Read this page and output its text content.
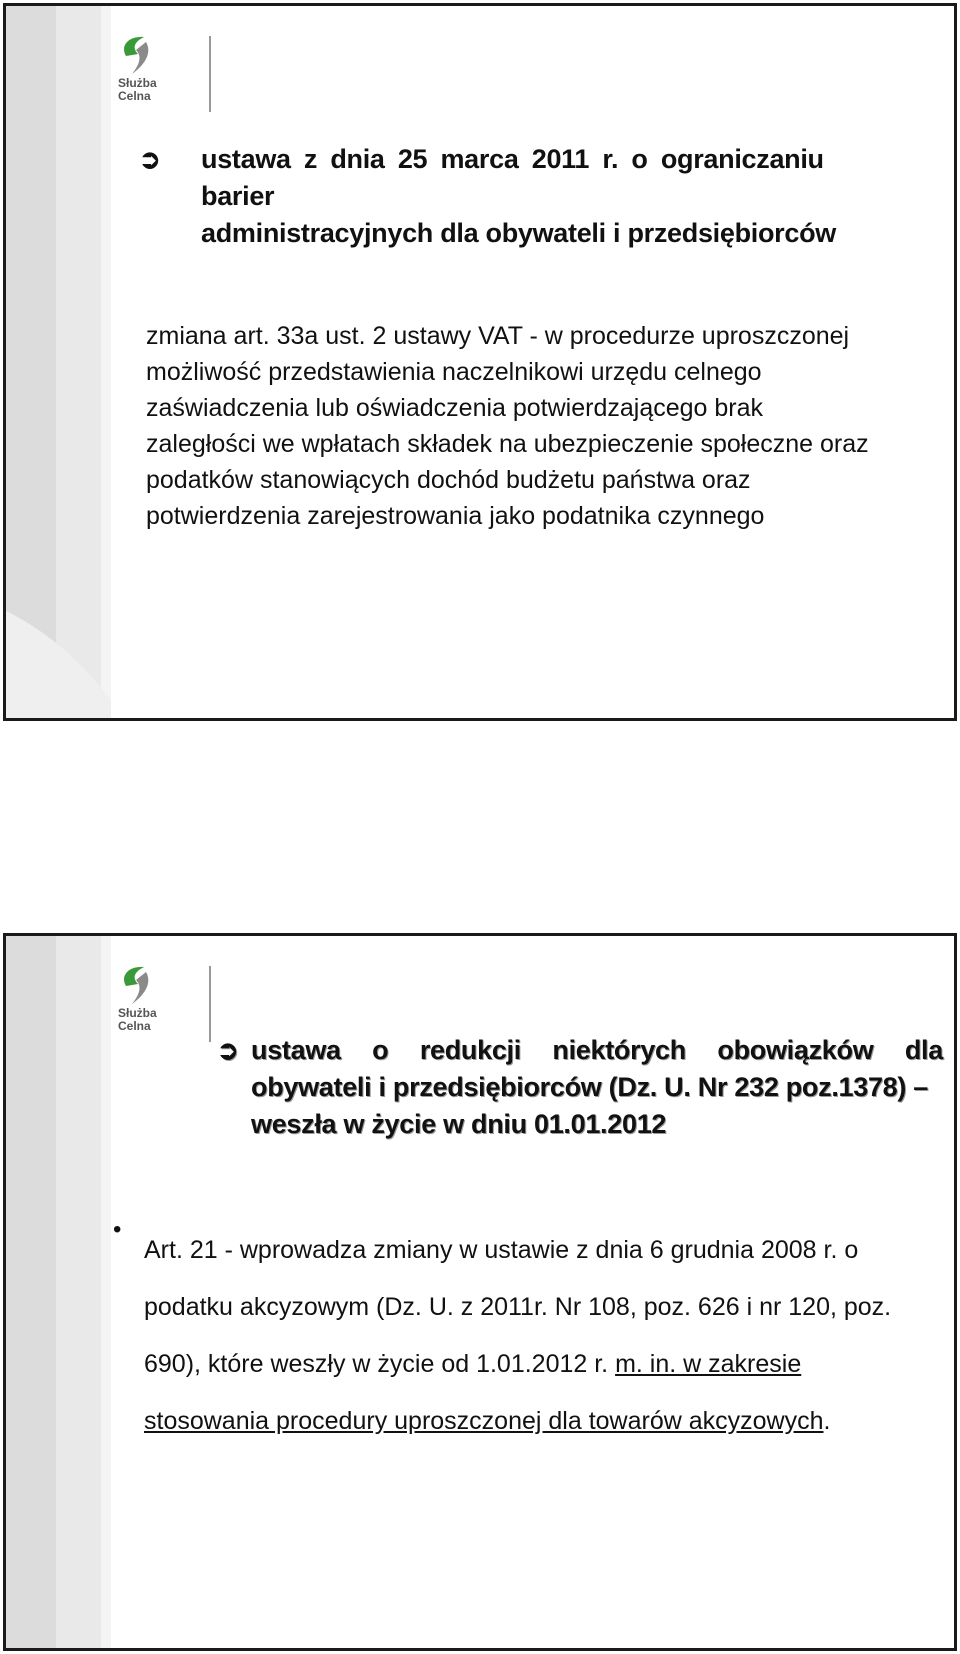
Służba
Celna
➲ ustawa z dnia 25 marca 2011 r. o ograniczaniu barier
administracyjnych dla obywateli i przedsiębiorców
zmiana art. 33a ust. 2 ustawy VAT - w procedurze uproszczonej
możliwość przedstawienia naczelnikowi urzędu celnego
zaświadczenia lub oświadczenia potwierdzającego brak
zaległości we wpłatach składek na ubezpieczenie społeczne oraz
podatków stanowiących dochód budżetu państwa oraz
potwierdzenia zarejestrowania jako podatnika czynnego
Służba
Celna
➲ ustawa o redukcji niektórych obowiązków dla
obywateli i przedsiębiorców (Dz. U. Nr 232 poz.1378) –
weszła w życie w dniu 01.01.2012
•
Art. 21 - wprowadza zmiany w ustawie z dnia 6 grudnia 2008 r. o
podatku akcyzowym (Dz. U. z 2011r. Nr 108, poz. 626 i nr 120, poz.
690), które weszły w życie od 1.01.2012 r. m. in. w zakresie
stosowania procedury uproszczonej dla towarów akcyzowych.
